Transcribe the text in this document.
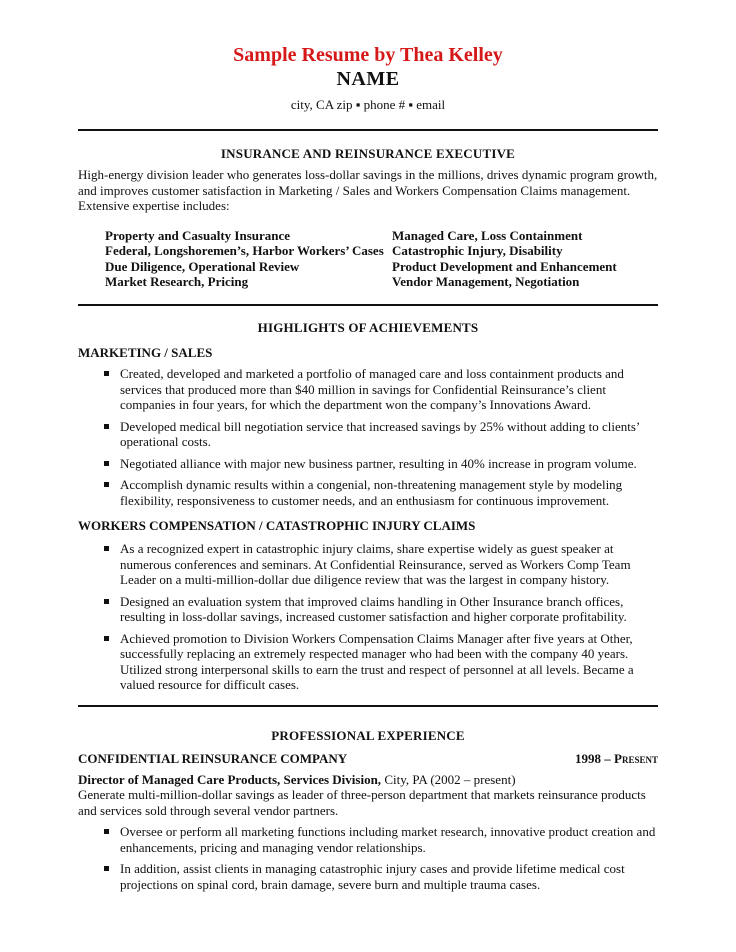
Sample Resume by Thea Kelley
NAME
city, CA zip ▪ phone # ▪ email
INSURANCE AND REINSURANCE EXECUTIVE
High-energy division leader who generates loss-dollar savings in the millions, drives dynamic program growth, and improves customer satisfaction in Marketing / Sales and Workers Compensation Claims management. Extensive expertise includes:
Property and Casualty Insurance
Federal, Longshoremen’s, Harbor Workers’ Cases
Due Diligence, Operational Review
Market Research, Pricing
Managed Care, Loss Containment
Catastrophic Injury, Disability
Product Development and Enhancement
Vendor Management, Negotiation
HIGHLIGHTS OF ACHIEVEMENTS
MARKETING / SALES
Created, developed and marketed a portfolio of managed care and loss containment products and services that produced more than $40 million in savings for Confidential Reinsurance’s client companies in four years, for which the department won the company’s Innovations Award.
Developed medical bill negotiation service that increased savings by 25% without adding to clients’ operational costs.
Negotiated alliance with major new business partner, resulting in 40% increase in program volume.
Accomplish dynamic results within a congenial, non-threatening management style by modeling flexibility, responsiveness to customer needs, and an enthusiasm for continuous improvement.
WORKERS COMPENSATION / CATASTROPHIC INJURY CLAIMS
As a recognized expert in catastrophic injury claims, share expertise widely as guest speaker at numerous conferences and seminars. At Confidential Reinsurance, served as Workers Comp Team Leader on a multi-million-dollar due diligence review that was the largest in company history.
Designed an evaluation system that improved claims handling in Other Insurance branch offices, resulting in loss-dollar savings, increased customer satisfaction and higher corporate profitability.
Achieved promotion to Division Workers Compensation Claims Manager after five years at Other, successfully replacing an extremely respected manager who had been with the company 40 years. Utilized strong interpersonal skills to earn the trust and respect of personnel at all levels. Became a valued resource for difficult cases.
PROFESSIONAL EXPERIENCE
CONFIDENTIAL REINSURANCE COMPANY	1998 – Present
Director of Managed Care Products, Services Division, City, PA (2002 – present)
Generate multi-million-dollar savings as leader of three-person department that markets reinsurance products and services sold through several vendor partners.
Oversee or perform all marketing functions including market research, innovative product creation and enhancements, pricing and managing vendor relationships.
In addition, assist clients in managing catastrophic injury cases and provide lifetime medical cost projections on spinal cord, brain damage, severe burn and multiple trauma cases.
